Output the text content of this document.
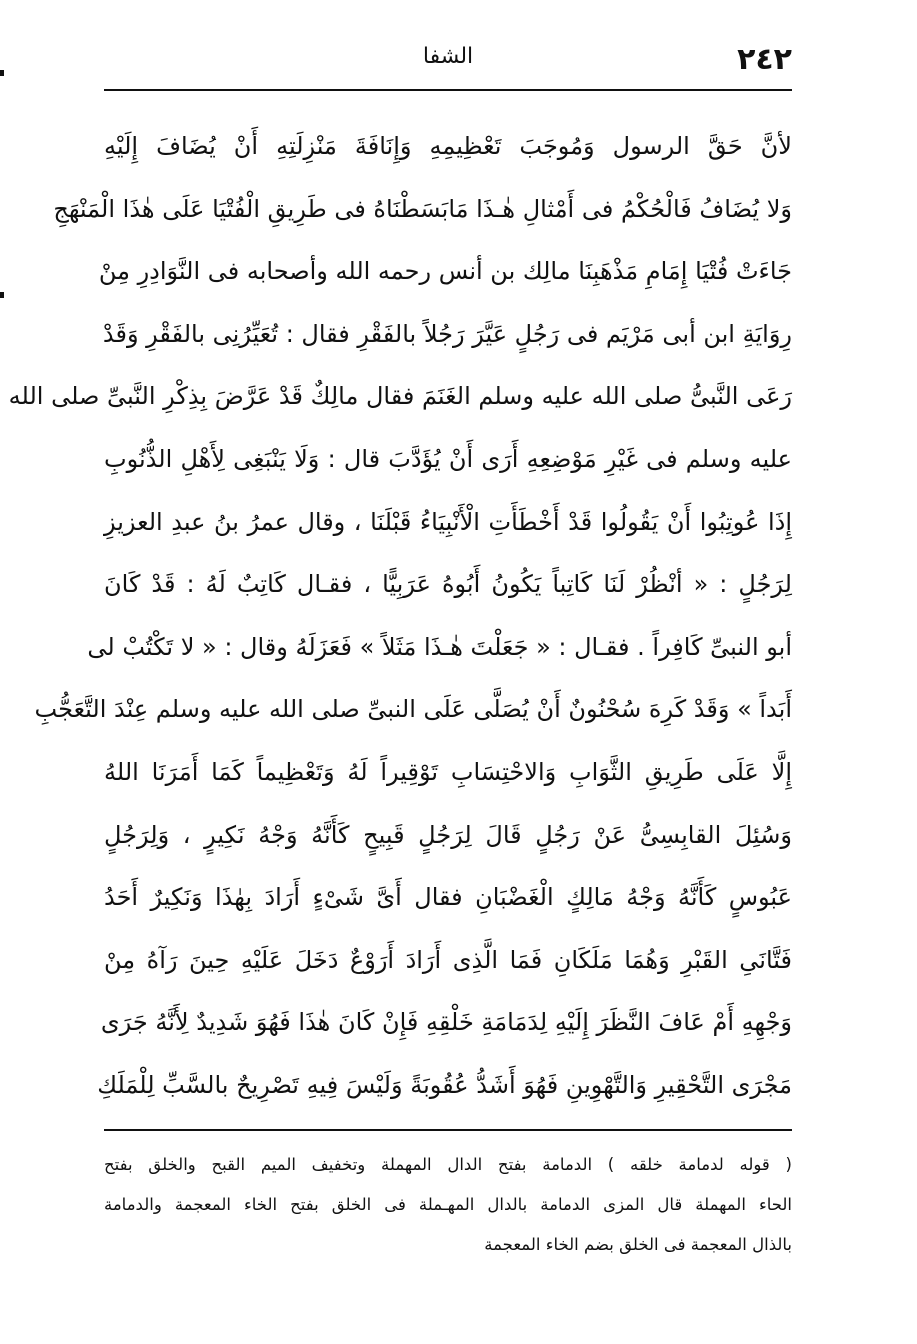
٢٤٢
الشفا
لأنَّ حَقَّ الرسول وَمُوجَبَ تَعْظِيمِهِ وَإِنَافَةَ مَنْزِلَتِهِ أَنْ يُضَافَ إِلَيْهِ
وَلا يُضَافُ فَالْحُكْمُ فى أَمْثالِ هٰـذَا مَابَسَطْنَاهُ فى طَرِيقِ الْفُتْيَا عَلَى هٰذَا الْمَنْهَجِ
جَاءَتْ فُتْيَا إِمَامِ مَذْهَبِنَا مالِك بن أنس رحمه الله وأصحابه فى النَّوَادِرِ مِنْ
رِوَايَةِ ابن أبى مَرْيَم فى رَجُلٍ عَيَّرَ رَجُلاً بالفَقْرِ فقال : تُعَيِّرُنِى بالفَقْرِ وَقَدْ
رَعَى النَّبىُّ صلى الله عليه وسلم الغَنَمَ فقال مالِكٌ قَدْ عَرَّضَ بِذِكْرِ النَّبىِّ صلى الله
عليه وسلم فى غَيْرِ مَوْضِعِهِ أَرَى أَنْ يُؤَدَّبَ قال : وَلَا يَنْبَغِى لِأَهْلِ الذُّنُوبِ
إِذَا عُوتِبُوا أَنْ يَقُولُوا قَدْ أَخْطَأَتِ الْأَنْبِيَاءُ قَبْلَنَا ، وقال عمرُ بنُ عبدِ العزيزِ
لِرَجُلٍ : « أنْظُرْ لَنَا كَاتِباً يَكُونُ أَبُوهُ عَرَبِيًّا ، فقـال كَاتِبٌ لَهُ : قَدْ كَانَ
أبو النبىِّ كَافِراً . فقـال : « جَعَلْتَ هٰـذَا مَثَلاً » فَعَزَلَهُ وقال : « لا تَكْتُبْ لى
أَبَداً » وَقَدْ كَرِهَ سُحْنُونٌ أَنْ يُصَلَّى عَلَى النبىِّ صلى الله عليه وسلم عِنْدَ التَّعَجُّبِ
إِلَّا عَلَى طَرِيقِ الثَّوَابِ وَالاحْتِسَابِ تَوْقِيراً لَهُ وَتَعْظِيماً كَمَا أَمَرَنَا اللهُ
وَسُئِلَ القابِسِىُّ عَنْ رَجُلٍ قَالَ لِرَجُلٍ قَبِيحٍ كَأَنَّهُ وَجْهُ نَكِيرٍ ، وَلِرَجُلٍ
عَبُوسٍ كَأَنَّهُ وَجْهُ مَالِكٍ الْغَضْبَانِ فقال أَىَّ شَىْءٍ أَرَادَ بِهٰذَا وَنَكِيرٌ أَحَدُ
فَتَّانَىِ القَبْرِ وَهُمَا مَلَكَانِ فَمَا الَّذِى أَرَادَ أَرَوْعٌ دَخَلَ عَلَيْهِ حِينَ رَآهُ مِنْ
وَجْهِهِ أَمْ عَافَ النَّظَرَ إِلَيْهِ لِدَمَامَةِ خَلْقِهِ فَإِنْ كَانَ هٰذَا فَهُوَ شَدِيدٌ لِأَنَّهُ جَرَى
مَجْرَى التَّحْقِيرِ وَالتَّهْوِينِ فَهُوَ أَشَدُّ عُقُوبَةً وَلَيْسَ فِيهِ تَصْرِيحٌ بالسَّبِّ لِلْمَلَكِ
( قوله لدمامة خلقه ) الدمامة بفتح الدال المهملة وتخفيف الميم القبح والخلق بفتح
الحاء المهملة قال المزى الدمامة بالدال المهـملة فى الخلق بفتح الخاء المعجمة والدمامة
بالذال المعجمة فى الخلق بضم الخاء المعجمة
